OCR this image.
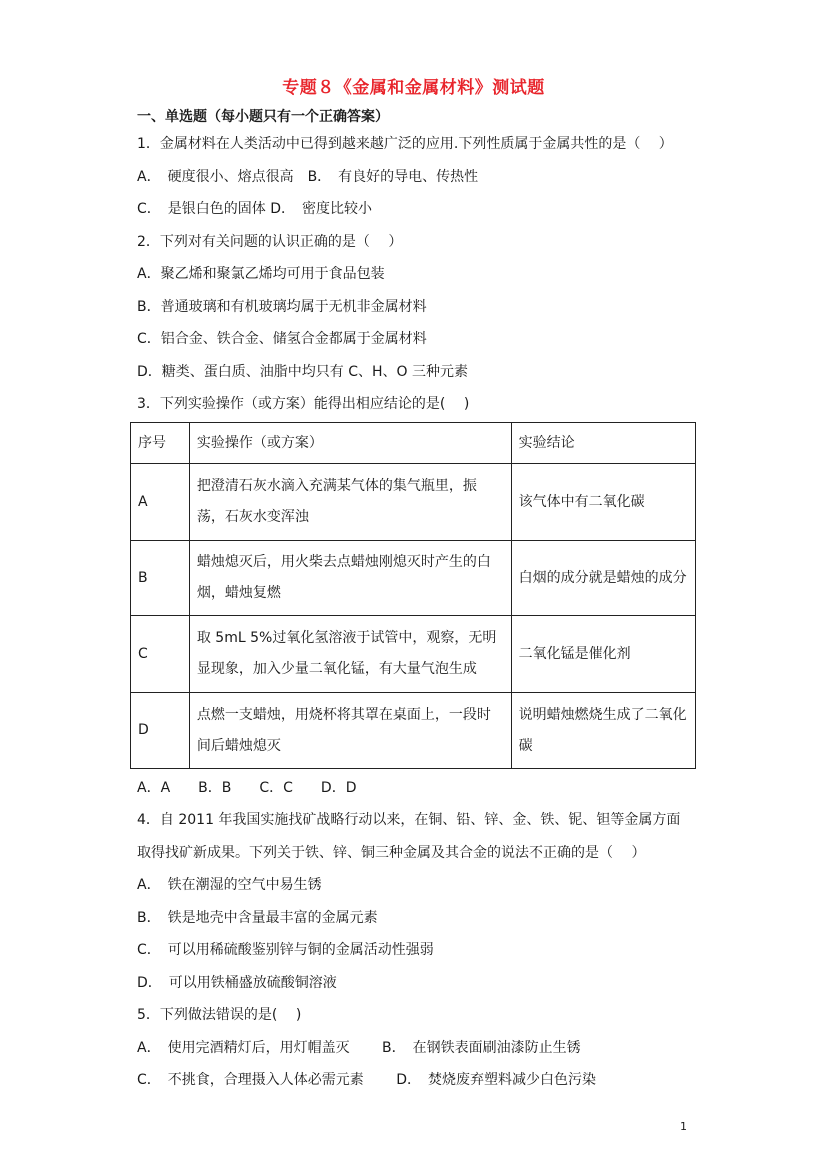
专题８《金属和金属材料》测试题
一、单选题（每小题只有一个正确答案）
1．金属材料在人类活动中已得到越来越广泛的应用.下列性质属于金属共性的是（　 ）
A．　硬度很小、熔点很高　B．　有良好的导电、传热性
C．　是银白色的固体 D．　密度比较小
2．下列对有关问题的认识正确的是（　 ）
A．聚乙烯和聚氯乙烯均可用于食品包装
B．普通玻璃和有机玻璃均属于无机非金属材料
C．铝合金、铁合金、储氢合金都属于金属材料
D．糖类、蛋白质、油脂中均只有 C、H、O 三种元素
3．下列实验操作（或方案）能得出相应结论的是(　 )
序号	实验操作（或方案）	实验结论
A	把澄清石灰水滴入充满某气体的集气瓶里，振荡，石灰水变浑浊	该气体中有二氧化碳
B	蜡烛熄灭后，用火柴去点蜡烛刚熄灭时产生的白烟，蜡烛复燃	白烟的成分就是蜡烛的成分
C	取 5mL 5%过氧化氢溶液于试管中，观察，无明显现象，加入少量二氧化锰，有大量气泡生成	二氧化锰是催化剂
D	点燃一支蜡烛，用烧杯将其罩在桌面上，一段时间后蜡烛熄灭	说明蜡烛燃烧生成了二氧化碳
A．A　　B．B　　C．C　　D．D
4．自 2011 年我国实施找矿战略行动以来，在铜、铅、锌、金、铁、铌、钽等金属方面
取得找矿新成果。下列关于铁、锌、铜三种金属及其合金的说法不正确的是（　 ）
A．　铁在潮湿的空气中易生锈
B．　铁是地壳中含量最丰富的金属元素
C．　可以用稀硫酸鉴别锌与铜的金属活动性强弱
D．　可以用铁桶盛放硫酸铜溶液
5．下列做法错误的是(　 )
A．　使用完酒精灯后，用灯帽盖灭　　 B．　在钢铁表面刷油漆防止生锈
C．　不挑食，合理摄入人体必需元素　　 D．　焚烧废弃塑料减少白色污染
1
